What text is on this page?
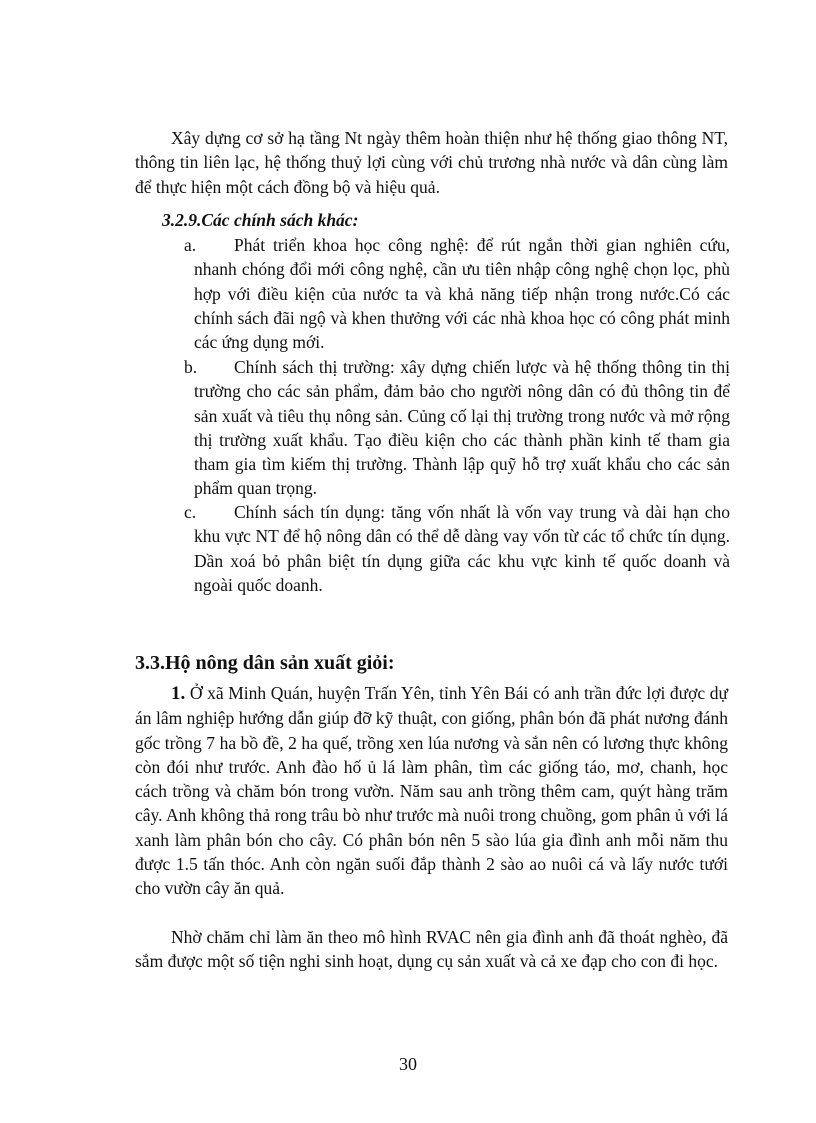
Xây dựng cơ sở hạ tầng Nt ngày thêm hoàn thiện như hệ thống giao thông NT, thông tin liên lạc, hệ thống thuỷ lợi cùng với chủ trương nhà nước và dân cùng làm để thực hiện một cách đồng bộ và hiệu quả.

3.2.9.Các chính sách khác:

a.	Phát triển khoa học công nghệ: để rút ngắn thời gian nghiên cứu, nhanh chóng đổi mới công nghệ, cần ưu tiên nhập công nghệ chọn lọc, phù hợp với điều kiện của nước ta và khả năng tiếp nhận trong nước.Có các chính sách đãi ngộ và khen thưởng với các nhà khoa học có công phát minh các ứng dụng mới.
b.	Chính sách thị trường: xây dựng chiến lược và hệ thống thông tin thị trường cho các sản phẩm, đảm bảo cho người nông dân có đủ thông tin để sản xuất và tiêu thụ nông sản. Củng cố lại thị trường trong nước và mở rộng thị trường xuất khẩu. Tạo điều kiện cho các thành phần kinh tế tham gia tham gia tìm kiếm thị trường. Thành lập quỹ hỗ trợ xuất khẩu cho các sản phẩm quan trọng.
c.	Chính sách tín dụng: tăng vốn nhất là vốn vay trung và dài hạn cho khu vực NT để hộ nông dân có thể dễ dàng vay vốn từ các tổ chức tín dụng. Dần xoá bỏ phân biệt tín dụng giữa các khu vực kinh tế quốc doanh và ngoài quốc doanh.
3.3.Hộ nông dân sản xuất giỏi:

1. Ở xã Minh Quán, huyện Trấn Yên, tỉnh Yên Bái có anh trần đức lợi được dự án lâm nghiệp hướng dẫn giúp đỡ kỹ thuật, con giống, phân bón đã phát nương đánh gốc trồng 7 ha bồ đề, 2 ha quế, trồng xen lúa nương và sắn nên có lương thực không còn đói như trước. Anh đào hố ủ lá làm phân, tìm các giống táo, mơ, chanh, học cách trồng và chăm bón trong vườn. Năm sau anh trồng thêm cam, quýt hàng trăm cây. Anh không thả rong trâu bò như trước mà nuôi trong chuồng, gom phân ủ với lá xanh làm phân bón cho cây. Có phân bón nên 5 sào lúa gia đình anh mỗi năm thu được 1.5 tấn thóc. Anh còn ngăn suối đắp thành 2 sào ao nuôi cá và lấy nước tưới cho vườn cây ăn quả.

Nhờ chăm chỉ làm ăn theo mô hình RVAC nên gia đình anh đã thoát nghèo, đã sắm được một số tiện nghi sinh hoạt, dụng cụ sản xuất và cả xe đạp cho con đi học.

30
